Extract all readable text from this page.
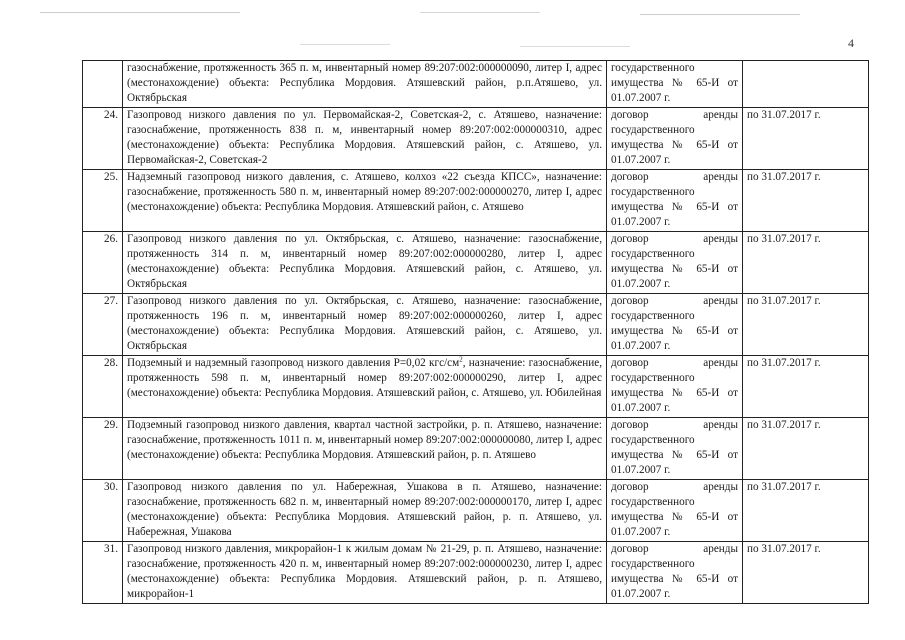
4
	газоснабжение, протяженность 365 п. м, инвентарный номер 89:207:002:000000090, литер I, адрес (местонахождение) объекта: Республика Мордовия. Атяшевский район, р.п.Атяшево, ул. Октябрьская	государственного имущества № 65-И от 01.07.2007 г.	
24.	Газопровод низкого давления по ул. Первомайская-2, Советская-2, с. Атяшево, назначение: газоснабжение, протяженность 838 п. м, инвентарный номер 89:207:002:000000310, адрес (местонахождение) объекта: Республика Мордовия. Атяшевский район, с. Атяшево, ул. Первомайская-2, Советская-2	договор аренды государственного имущества № 65-И от 01.07.2007 г.	по 31.07.2017 г.
25.	Надземный газопровод низкого давления, с. Атяшево, колхоз «22 съезда КПСС», назначение: газоснабжение, протяженность 580 п. м, инвентарный номер 89:207:002:000000270, литер I, адрес (местонахождение) объекта: Республика Мордовия. Атяшевский район, с. Атяшево	договор аренды государственного имущества № 65-И от 01.07.2007 г.	по 31.07.2017 г.
26.	Газопровод низкого давления по ул. Октябрьская, с. Атяшево, назначение: газоснабжение, протяженность 314 п. м, инвентарный номер 89:207:002:000000280, литер I, адрес (местонахождение) объекта: Республика Мордовия. Атяшевский район, с. Атяшево, ул. Октябрьская	договор аренды государственного имущества № 65-И от 01.07.2007 г.	по 31.07.2017 г.
27.	Газопровод низкого давления по ул. Октябрьская, с. Атяшево, назначение: газоснабжение, протяженность 196 п. м, инвентарный номер 89:207:002:000000260, литер I, адрес (местонахождение) объекта: Республика Мордовия. Атяшевский район, с. Атяшево, ул. Октябрьская	договор аренды государственного имущества № 65-И от 01.07.2007 г.	по 31.07.2017 г.
28.	Подземный и надземный газопровод низкого давления Р=0,02 кгс/$см^2$, назначение: газоснабжение, протяженность 598 п. м, инвентарный номер 89:207:002:000000290, литер I, адрес (местонахождение) объекта: Республика Мордовия. Атяшевский район, с. Атяшево, ул. Юбилейная	договор аренды государственного имущества № 65-И от 01.07.2007 г.	по 31.07.2017 г.
29.	Подземный газопровод низкого давления, квартал частной застройки, р. п. Атяшево, назначение: газоснабжение, протяженность 1011 п. м, инвентарный номер 89:207:002:000000080, литер I, адрес (местонахождение) объекта: Республика Мордовия. Атяшевский район, р. п. Атяшево	договор аренды государственного имущества № 65-И от 01.07.2007 г.	по 31.07.2017 г.
30.	Газопровод низкого давления по ул. Набережная, Ушакова в п. Атяшево, назначение: газоснабжение, протяженность 682 п. м, инвентарный номер 89:207:002:000000170, литер I, адрес (местонахождение) объекта: Республика Мордовия. Атяшевский район, р. п. Атяшево, ул. Набережная, Ушакова	договор аренды государственного имущества № 65-И от 01.07.2007 г.	по 31.07.2017 г.
31.	Газопровод низкого давления, микрорайон-1 к жилым домам № 21-29, р. п. Атяшево, назначение: газоснабжение, протяженность 420 п. м, инвентарный номер 89:207:002:000000230, литер I, адрес (местонахождение) объекта: Республика Мордовия. Атяшевский район, р. п. Атяшево, микрорайон-1	договор аренды государственного имущества № 65-И от 01.07.2007 г.	по 31.07.2017 г.
